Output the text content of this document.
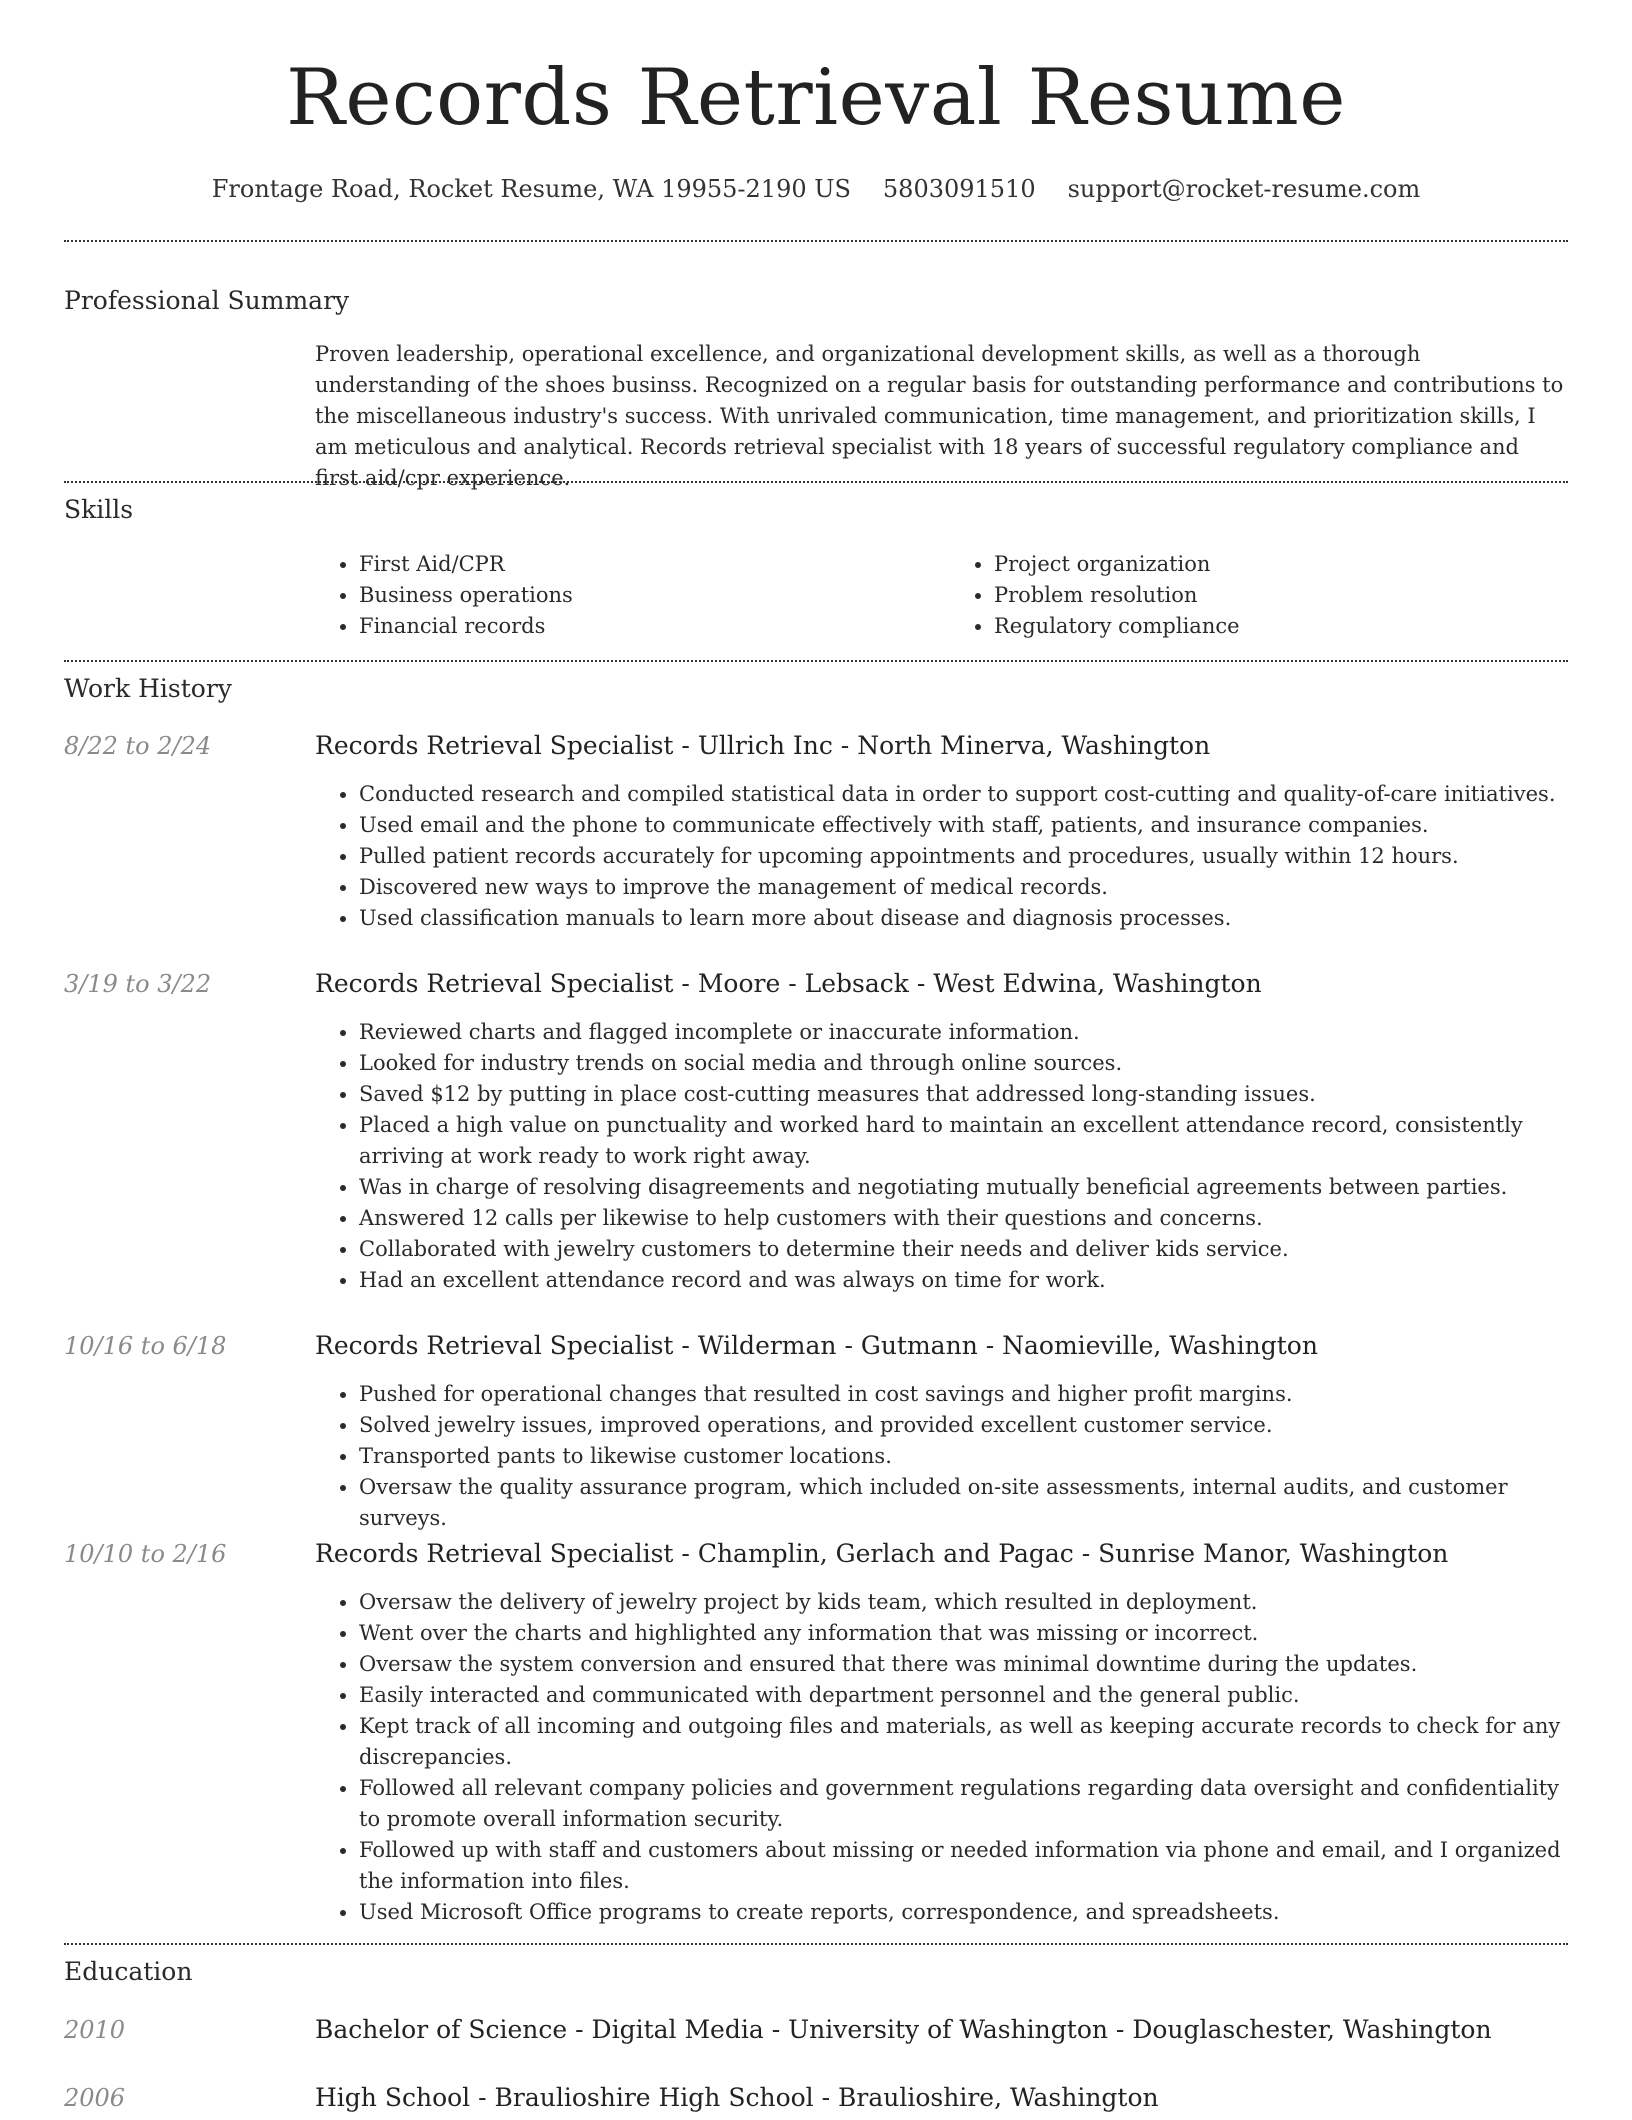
Records Retrieval Resume
Frontage Road, Rocket Resume, WA 19955-2190 US 5803091510 support@rocket-resume.com
Professional Summary
Proven leadership, operational excellence, and organizational development skills, as well as a thorough understanding of the shoes businss. Recognized on a regular basis for outstanding performance and contributions to the miscellaneous industry's success. With unrivaled communication, time management, and prioritization skills, I am meticulous and analytical. Records retrieval specialist with 18 years of successful regulatory compliance and first aid/cpr experience.
Skills
• First Aid/CPR
• Business operations
• Financial records
• Project organization
• Problem resolution
• Regulatory compliance
Work History
8/22 to 2/24	Records Retrieval Specialist - Ullrich Inc - North Minerva, Washington
• Conducted research and compiled statistical data in order to support cost-cutting and quality-of-care initiatives.
• Used email and the phone to communicate effectively with staff, patients, and insurance companies.
• Pulled patient records accurately for upcoming appointments and procedures, usually within 12 hours.
• Discovered new ways to improve the management of medical records.
• Used classification manuals to learn more about disease and diagnosis processes.
3/19 to 3/22	Records Retrieval Specialist - Moore - Lebsack - West Edwina, Washington
• Reviewed charts and flagged incomplete or inaccurate information.
• Looked for industry trends on social media and through online sources.
• Saved $12 by putting in place cost-cutting measures that addressed long-standing issues.
• Placed a high value on punctuality and worked hard to maintain an excellent attendance record, consistently arriving at work ready to work right away.
• Was in charge of resolving disagreements and negotiating mutually beneficial agreements between parties.
• Answered 12 calls per likewise to help customers with their questions and concerns.
• Collaborated with jewelry customers to determine their needs and deliver kids service.
• Had an excellent attendance record and was always on time for work.
10/16 to 6/18	Records Retrieval Specialist - Wilderman - Gutmann - Naomieville, Washington
• Pushed for operational changes that resulted in cost savings and higher profit margins.
• Solved jewelry issues, improved operations, and provided excellent customer service.
• Transported pants to likewise customer locations.
• Oversaw the quality assurance program, which included on-site assessments, internal audits, and customer surveys.
10/10 to 2/16	Records Retrieval Specialist - Champlin, Gerlach and Pagac - Sunrise Manor, Washington
• Oversaw the delivery of jewelry project by kids team, which resulted in deployment.
• Went over the charts and highlighted any information that was missing or incorrect.
• Oversaw the system conversion and ensured that there was minimal downtime during the updates.
• Easily interacted and communicated with department personnel and the general public.
• Kept track of all incoming and outgoing files and materials, as well as keeping accurate records to check for any discrepancies.
• Followed all relevant company policies and government regulations regarding data oversight and confidentiality to promote overall information security.
• Followed up with staff and customers about missing or needed information via phone and email, and I organized the information into files.
• Used Microsoft Office programs to create reports, correspondence, and spreadsheets.
Education
2010	Bachelor of Science - Digital Media - University of Washington - Douglaschester, Washington
2006	High School - Braulioshire High School - Braulioshire, Washington
